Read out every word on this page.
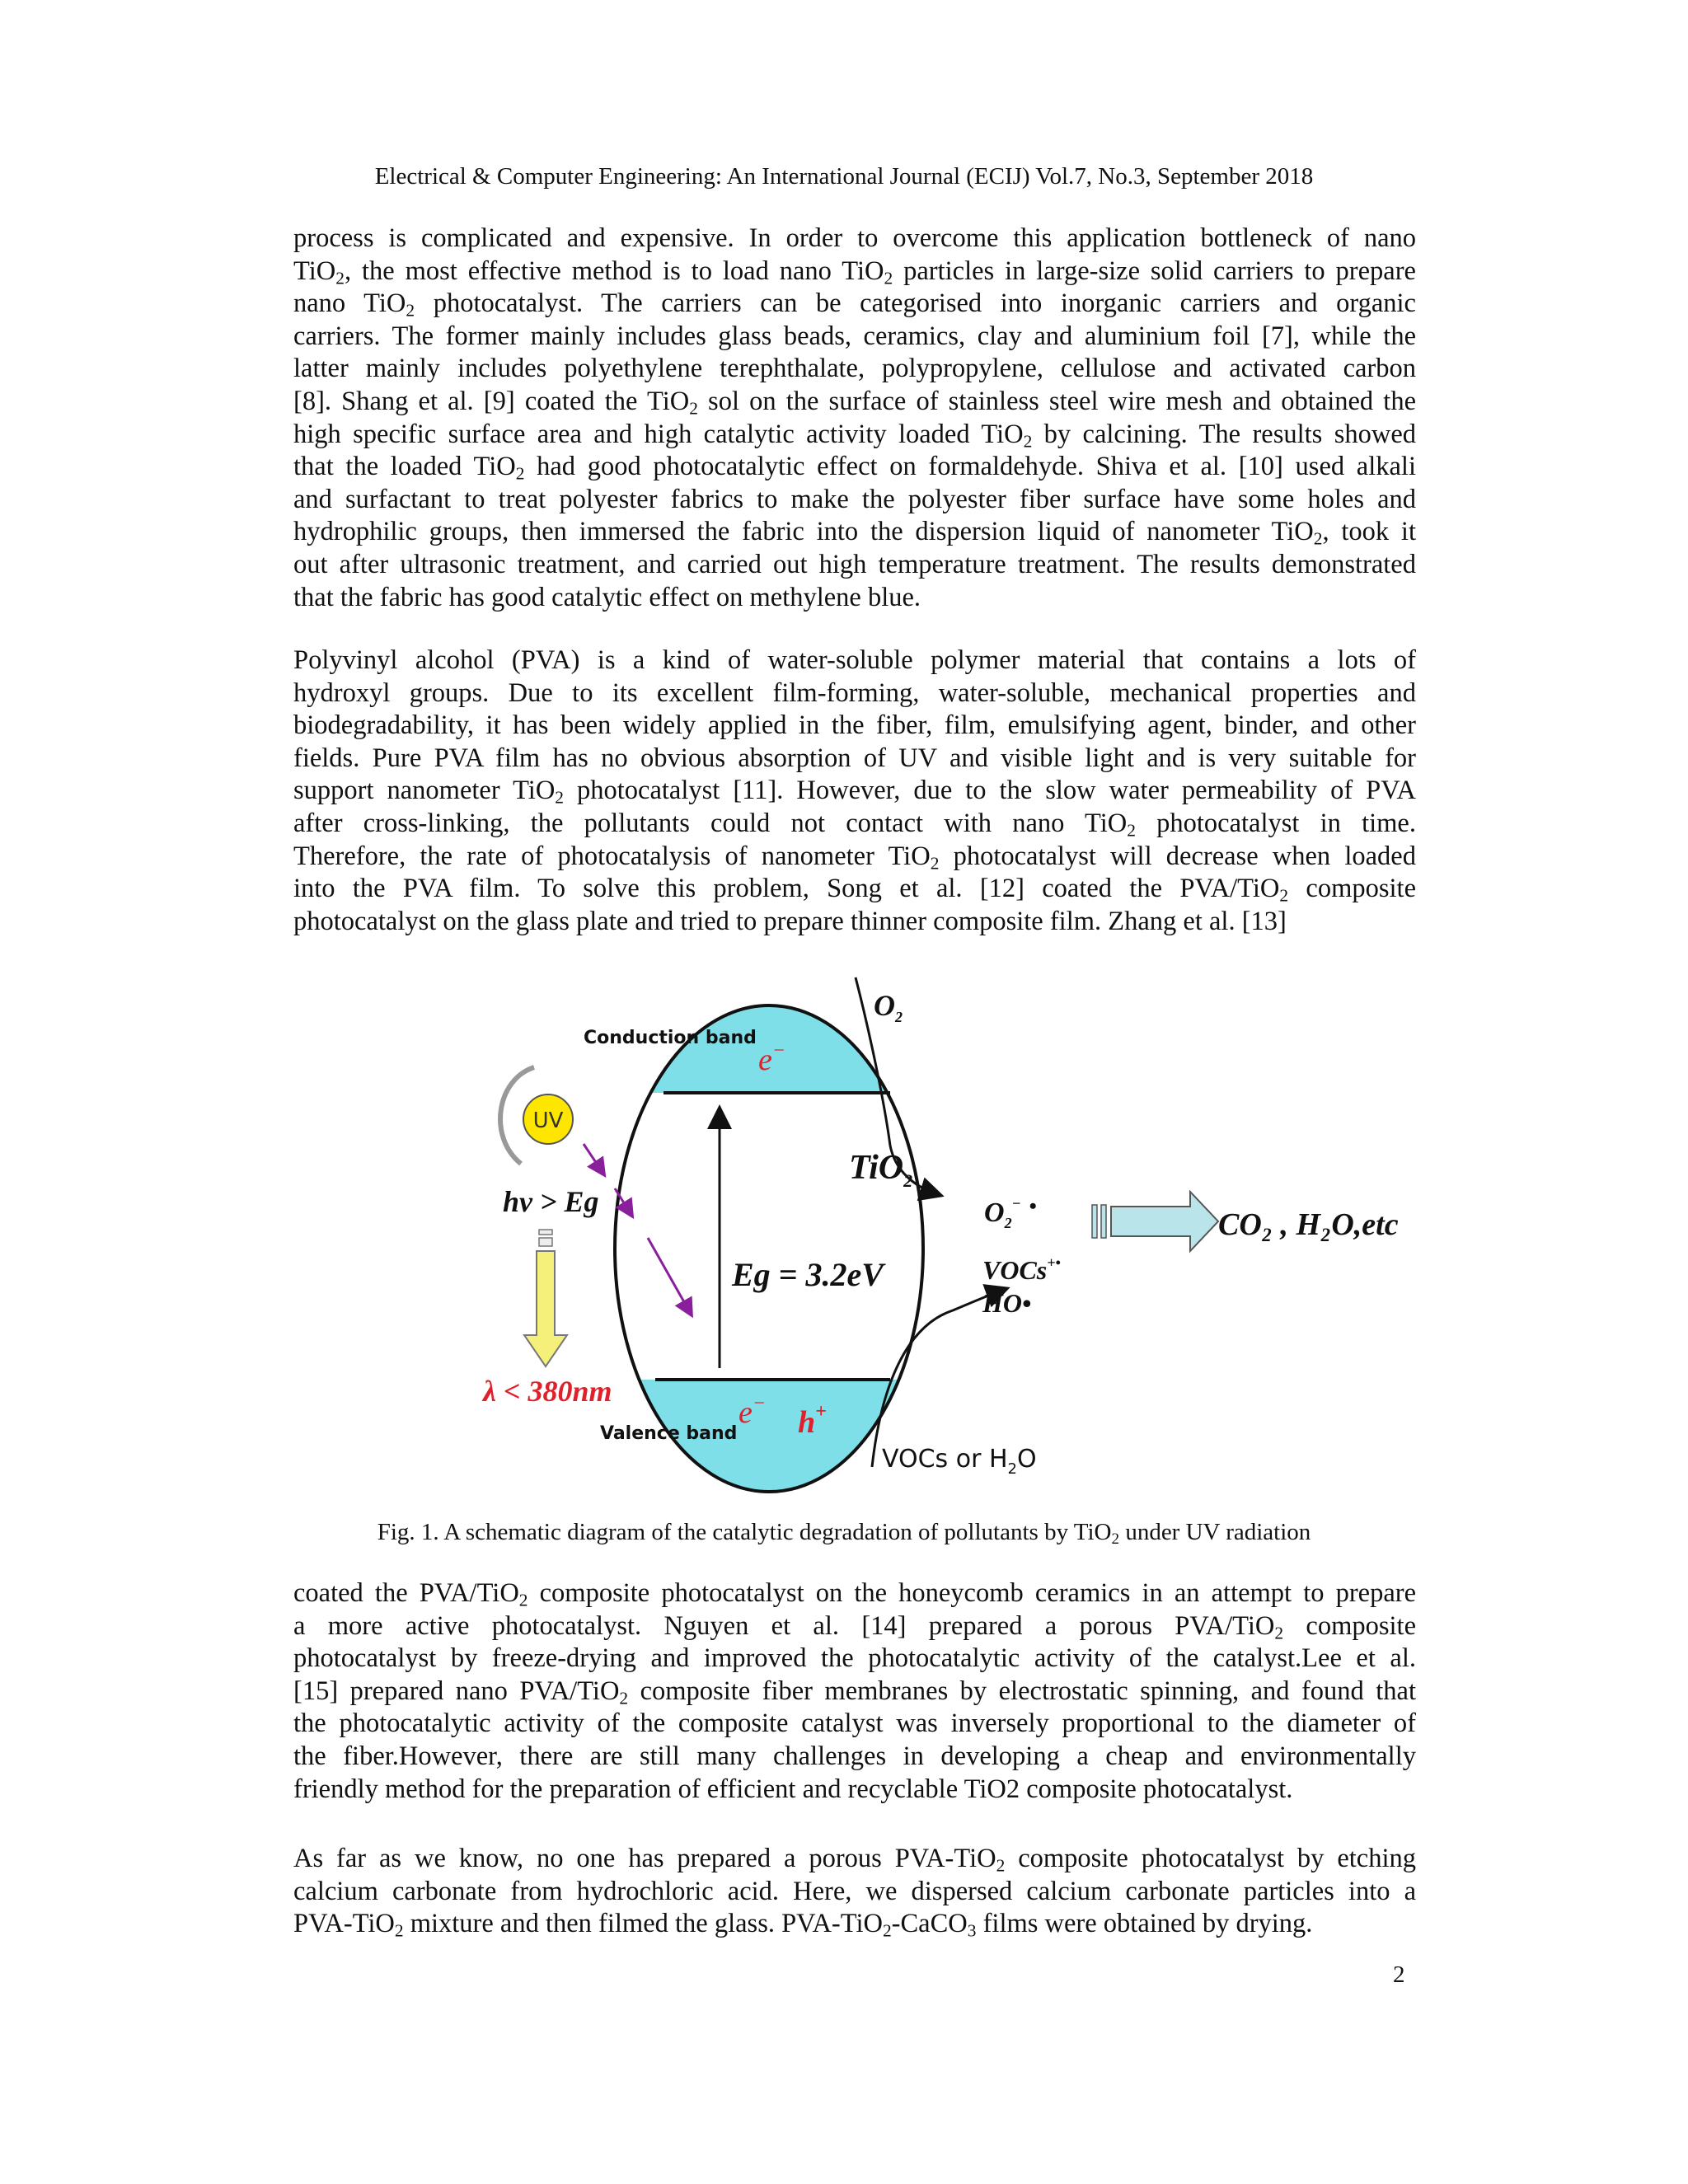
Electrical & Computer Engineering: An International Journal (ECIJ) Vol.7, No.3, September 2018
process is complicated and expensive. In order to overcome this application bottleneck of nano
TiO$_2$, the most effective method is to load nano TiO$_2$ particles in large-size solid carriers to prepare
nano TiO$_2$ photocatalyst. The carriers can be categorised into inorganic carriers and organic
carriers. The former mainly includes glass beads, ceramics, clay and aluminium foil [7], while the
latter mainly includes polyethylene terephthalate, polypropylene, cellulose and activated carbon
[8]. Shang et al. [9] coated the TiO$_2$ sol on the surface of stainless steel wire mesh and obtained the
high specific surface area and high catalytic activity loaded TiO$_2$ by calcining. The results showed
that the loaded TiO$_2$ had good photocatalytic effect on formaldehyde. Shiva et al. [10] used alkali
and surfactant to treat polyester fabrics to make the polyester fiber surface have some holes and
hydrophilic groups, then immersed the fabric into the dispersion liquid of nanometer TiO$_2$, took it
out after ultrasonic treatment, and carried out high temperature treatment. The results demonstrated
that the fabric has good catalytic effect on methylene blue.
Polyvinyl alcohol (PVA) is a kind of water-soluble polymer material that contains a lots of
hydroxyl groups. Due to its excellent film-forming, water-soluble, mechanical properties and
biodegradability, it has been widely applied in the fiber, film, emulsifying agent, binder, and other
fields. Pure PVA film has no obvious absorption of UV and visible light and is very suitable for
support nanometer TiO$_2$ photocatalyst [11]. However, due to the slow water permeability of PVA
after cross-linking, the pollutants could not contact with nano TiO$_2$ photocatalyst in time.
Therefore, the rate of photocatalysis of nanometer TiO$_2$ photocatalyst will decrease when loaded
into the PVA film. To solve this problem, Song et al. [12] coated the PVA/TiO$_2$ composite
photocatalyst on the glass plate and tried to prepare thinner composite film. Zhang et al. [13]
Conduction band
Valence band
e−
e−
h+
TiO$_2$
Eg = 3.2eV
UV
hv > Eg
λ < 380nm
$O_2$
$O_2^-$ •
VOCs+•
HO•
VOCs or $H_2O$
CO₂ , H₂O,etc
Fig. 1. A schematic diagram of the catalytic degradation of pollutants by TiO$_2$ under UV radiation
coated the PVA/TiO$_2$ composite photocatalyst on the honeycomb ceramics in an attempt to prepare
a more active photocatalyst. Nguyen et al. [14] prepared a porous PVA/TiO$_2$ composite
photocatalyst by freeze-drying and improved the photocatalytic activity of the catalyst.Lee et al.
[15] prepared nano PVA/TiO$_2$ composite fiber membranes by electrostatic spinning, and found that
the photocatalytic activity of the composite catalyst was inversely proportional to the diameter of
the fiber.However, there are still many challenges in developing a cheap and environmentally
friendly method for the preparation of efficient and recyclable TiO2 composite photocatalyst.
As far as we know, no one has prepared a porous PVA-TiO$_2$ composite photocatalyst by etching
calcium carbonate from hydrochloric acid. Here, we dispersed calcium carbonate particles into a
PVA-TiO$_2$ mixture and then filmed the glass. PVA-TiO$_2$-CaCO$_3$ films were obtained by drying.
2
